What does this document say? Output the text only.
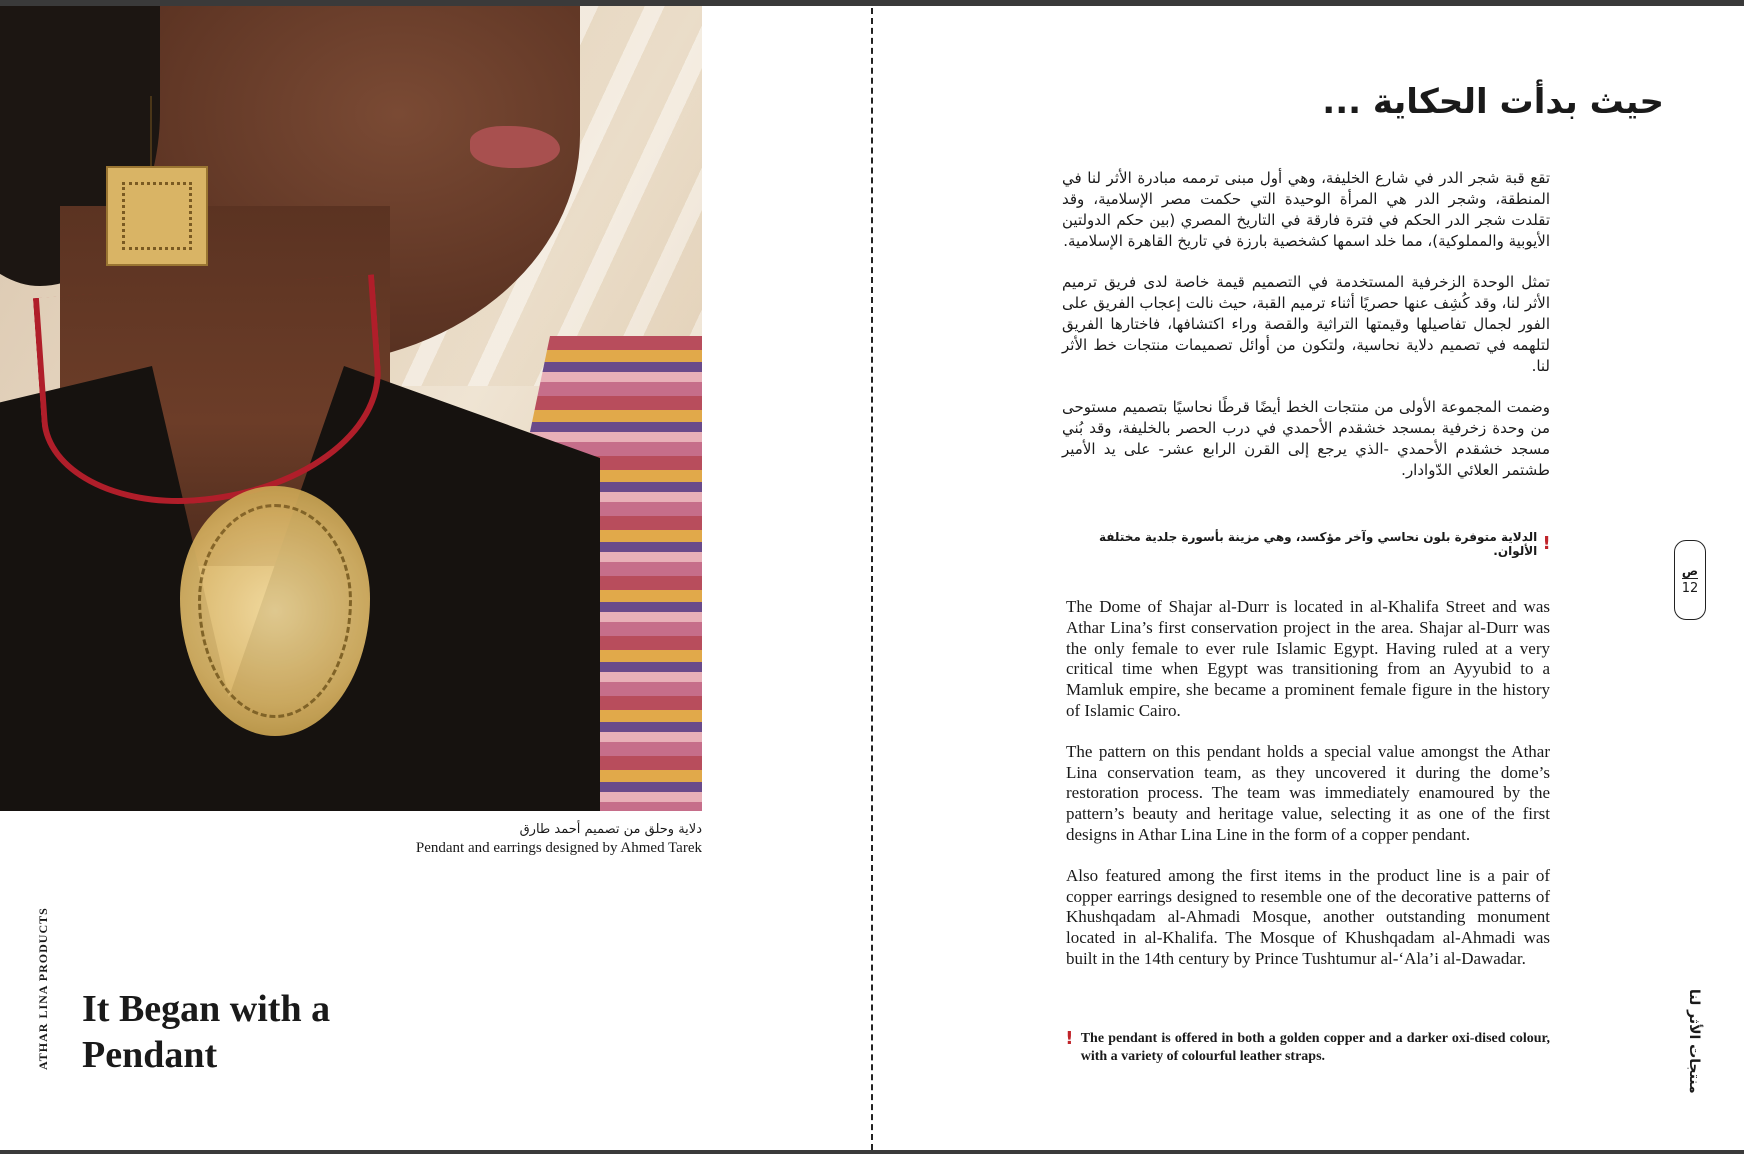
دلاية وحلق من تصميم أحمد طارق
Pendant and earrings designed by Ahmed Tarek
ATHAR LINA PRODUCTS It Began with a
Pendant
حيث بدأت الحكاية ...

تقع قبة شجر الدر في شارع الخليفة، وهي أول مبنى ترممه مبادرة الأثر لنا في المنطقة، وشجر الدر هي المرأة الوحيدة التي حكمت مصر الإسلامية، وقد تقلدت شجر الدر الحكم في فترة فارقة في التاريخ المصري (بين حكم الدولتين الأيوبية والمملوكية)، مما خلد اسمها كشخصية بارزة في تاريخ القاهرة الإسلامية.

تمثل الوحدة الزخرفية المستخدمة في التصميم قيمة خاصة لدى فريق ترميم الأثر لنا، وقد كُشِف عنها حصريًا أثناء ترميم القبة، حيث نالت إعجاب الفريق على الفور لجمال تفاصيلها وقيمتها التراثية والقصة وراء اكتشافها، فاختارها الفريق لتلهمه في تصميم دلاية نحاسية، ولتكون من أوائل تصميمات منتجات خط الأثر لنا.

وضمت المجموعة الأولى من منتجات الخط أيضًا قرطًا نحاسيًا بتصميم مستوحى من وحدة زخرفية بمسجد خشقدم الأحمدي في درب الحصر بالخليفة، وقد بُني مسجد خشقدم الأحمدي -الذي يرجع إلى القرن الرابع عشر- على يد الأمير طشتمر العلائي الدّوادار.

ǃ
الدلاية متوفرة بلون نحاسي وآخر مؤكسد، وهي مزينة بأسورة جلدية مختلفة الألوان.
ص
12

The Dome of Shajar al-Durr is located in al-Khalifa Street and was Athar Lina’s first conservation project in the area. Shajar al-Durr was the only female to ever rule Islamic Egypt. Having ruled at a very critical time when Egypt was transitioning from an Ayyubid to a Mamluk empire, she became a prominent female figure in the history of Islamic Cairo.

The pattern on this pendant holds a special value amongst the Athar Lina conservation team, as they uncovered it during the dome’s restoration process. The team was immediately enamoured by the pattern’s beauty and heritage value, selecting it as one of the first designs in Athar Lina Line in the form of a copper pendant.

Also featured among the first items in the product line is a pair of copper earrings designed to resemble one of the decorative patterns of Khushqadam al-Ahmadi Mosque, another outstanding monument located in al-Khalifa. The Mosque of Khushqadam al-Ahmadi was built in the 14th century by Prince Tushtumur al-‘Ala’i al-Dawadar.

ǃ The pendant is offered in both a golden copper and a darker oxi-dised colour, with a variety of colourful leather straps.	منتجات الأثر لنا
